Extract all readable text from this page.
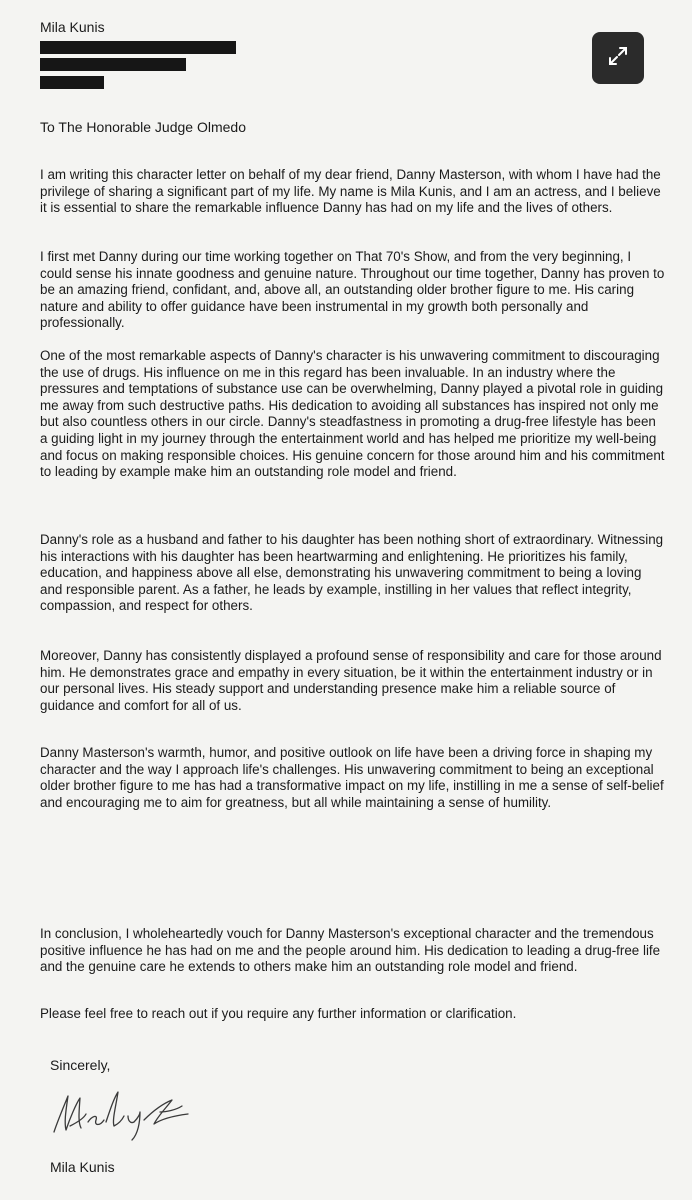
Mila Kunis
To The Honorable Judge Olmedo

I am writing this character letter on behalf of my dear friend, Danny Masterson, with whom I have had the privilege of sharing a significant part of my life. My name is Mila Kunis, and I am an actress, and I believe it is essential to share the remarkable influence Danny has had on my life and the lives of others.

I first met Danny during our time working together on That 70's Show, and from the very beginning, I could sense his innate goodness and genuine nature. Throughout our time together, Danny has proven to be an amazing friend, confidant, and, above all, an outstanding older brother figure to me. His caring nature and ability to offer guidance have been instrumental in my growth both personally and professionally.

One of the most remarkable aspects of Danny's character is his unwavering commitment to discouraging the use of drugs. His influence on me in this regard has been invaluable. In an industry where the pressures and temptations of substance use can be overwhelming, Danny played a pivotal role in guiding me away from such destructive paths. His dedication to avoiding all substances has inspired not only me but also countless others in our circle. Danny's steadfastness in promoting a drug-free lifestyle has been a guiding light in my journey through the entertainment world and has helped me prioritize my well-being and focus on making responsible choices. His genuine concern for those around him and his commitment to leading by example make him an outstanding role model and friend.

Danny's role as a husband and father to his daughter has been nothing short of extraordinary. Witnessing his interactions with his daughter has been heartwarming and enlightening. He prioritizes his family, education, and happiness above all else, demonstrating his unwavering commitment to being a loving and responsible parent. As a father, he leads by example, instilling in her values that reflect integrity, compassion, and respect for others.

Moreover, Danny has consistently displayed a profound sense of responsibility and care for those around him. He demonstrates grace and empathy in every situation, be it within the entertainment industry or in our personal lives. His steady support and understanding presence make him a reliable source of guidance and comfort for all of us.

Danny Masterson's warmth, humor, and positive outlook on life have been a driving force in shaping my character and the way I approach life's challenges. His unwavering commitment to being an exceptional older brother figure to me has had a transformative impact on my life, instilling in me a sense of self-belief and encouraging me to aim for greatness, but all while maintaining a sense of humility.

In conclusion, I wholeheartedly vouch for Danny Masterson's exceptional character and the tremendous positive influence he has had on me and the people around him. His dedication to leading a drug-free life and the genuine care he extends to others make him an outstanding role model and friend.

Please feel free to reach out if you require any further information or clarification.

Sincerely,
Mila Kunis
